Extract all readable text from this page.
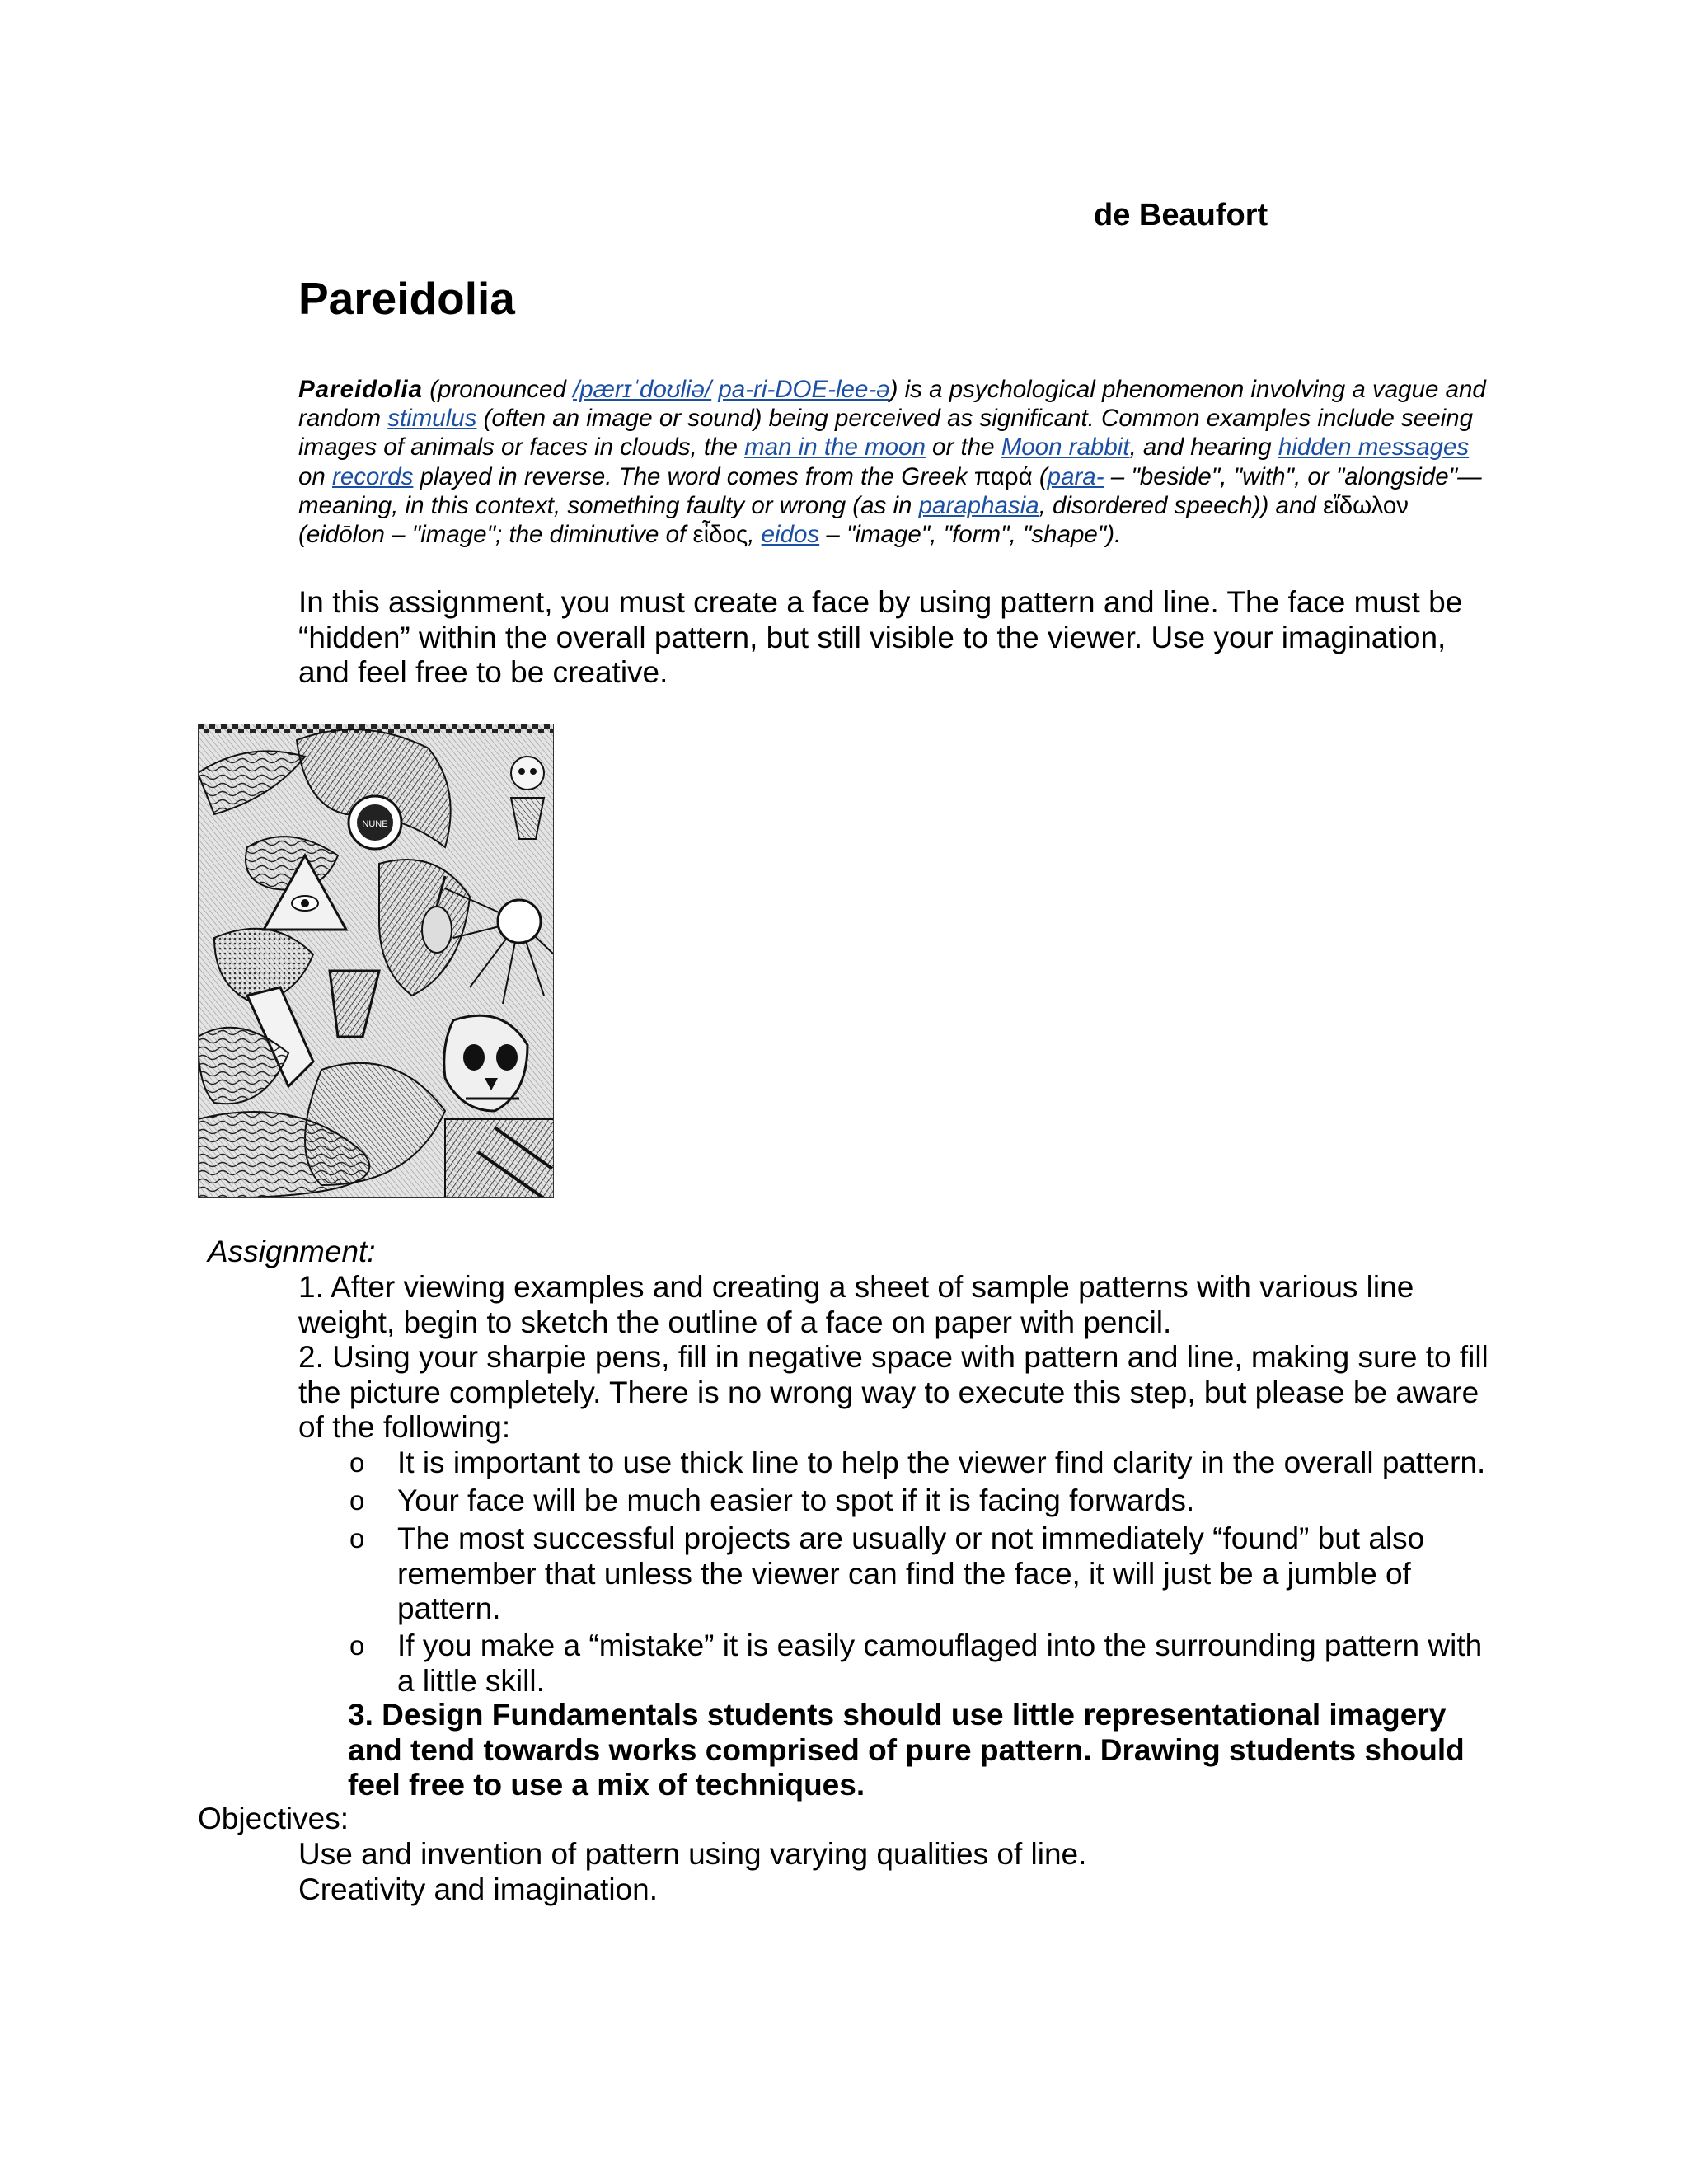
de Beaufort
Pareidolia
Pareidolia (pronounced /pærɪˈdoʊliə/ pa-ri-DOE-lee-ə) is a psychological phenomenon involving a vague and random stimulus (often an image or sound) being perceived as significant. Common examples include seeing images of animals or faces in clouds, the man in the moon or the Moon rabbit, and hearing hidden messages on records played in reverse. The word comes from the Greek παρά (para- – "beside", "with", or "alongside"—meaning, in this context, something faulty or wrong (as in paraphasia, disordered speech)) and εἴδωλον (eidōlon – "image"; the diminutive of εἶδος, eidos – "image", "form", "shape").
In this assignment, you must create a face by using pattern and line. The face must be “hidden” within the overall pattern, but still visible to the viewer. Use your imagination, and feel free to be creative.
NUNE
Assignment:
1. After viewing examples and creating a sheet of sample patterns with various line weight, begin to sketch the outline of a face on paper with pencil.
2. Using your sharpie pens, fill in negative space with pattern and line, making sure to fill the picture completely. There is no wrong way to execute this step, but please be aware of the following:
o It is important to use thick line to help the viewer find clarity in the overall pattern.
o Your face will be much easier to spot if it is facing forwards.
o The most successful projects are usually or not immediately “found” but also remember that unless the viewer can find the face, it will just be a jumble of pattern.
o If you make a “mistake” it is easily camouflaged into the surrounding pattern with a little skill.
3. Design Fundamentals students should use little representational imagery and tend towards works comprised of pure pattern. Drawing students should feel free to use a mix of techniques.
Objectives:
Use and invention of pattern using varying qualities of line.
Creativity and imagination.
